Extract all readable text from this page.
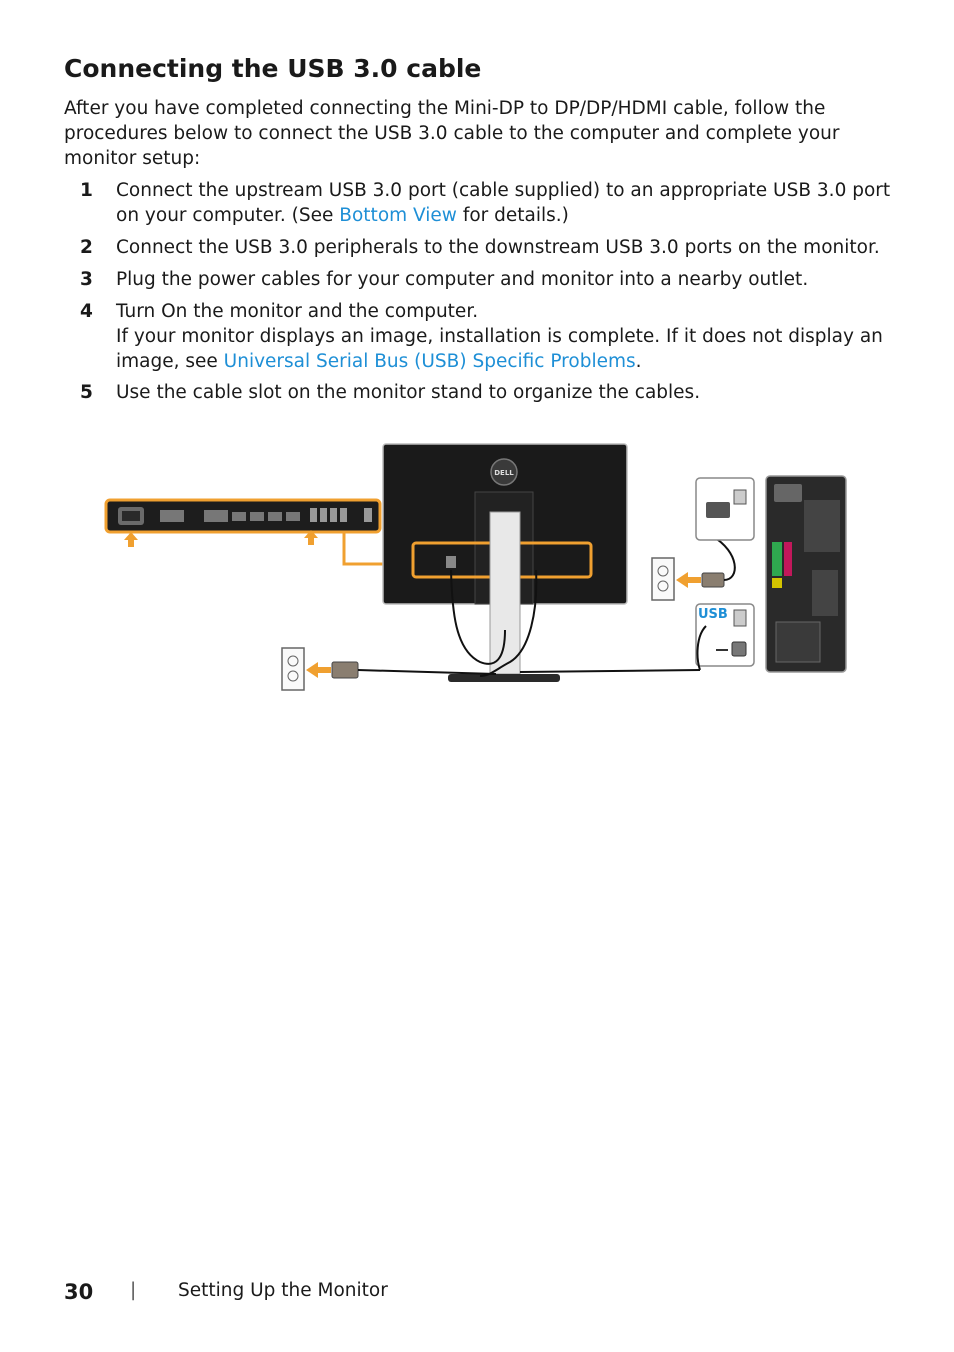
Connecting the USB 3.0 cable

After you have completed connecting the Mini-DP to DP/DP/HDMI cable, follow the procedures below to connect the USB 3.0 cable to the computer and complete your monitor setup:

1 Connect the upstream USB 3.0 port (cable supplied) to an appropriate USB 3.0 port on your computer. (See Bottom View for details.)
2 Connect the USB 3.0 peripherals to the downstream USB 3.0 ports on the monitor.
3 Plug the power cables for your computer and monitor into a nearby outlet.
4 Turn On the monitor and the computer.
If your monitor displays an image, installation is complete. If it does not display an image, see Universal Serial Bus (USB) Specific Problems.
5 Use the cable slot on the monitor stand to organize the cables.
DELL
USB
30 | Setting Up the Monitor
